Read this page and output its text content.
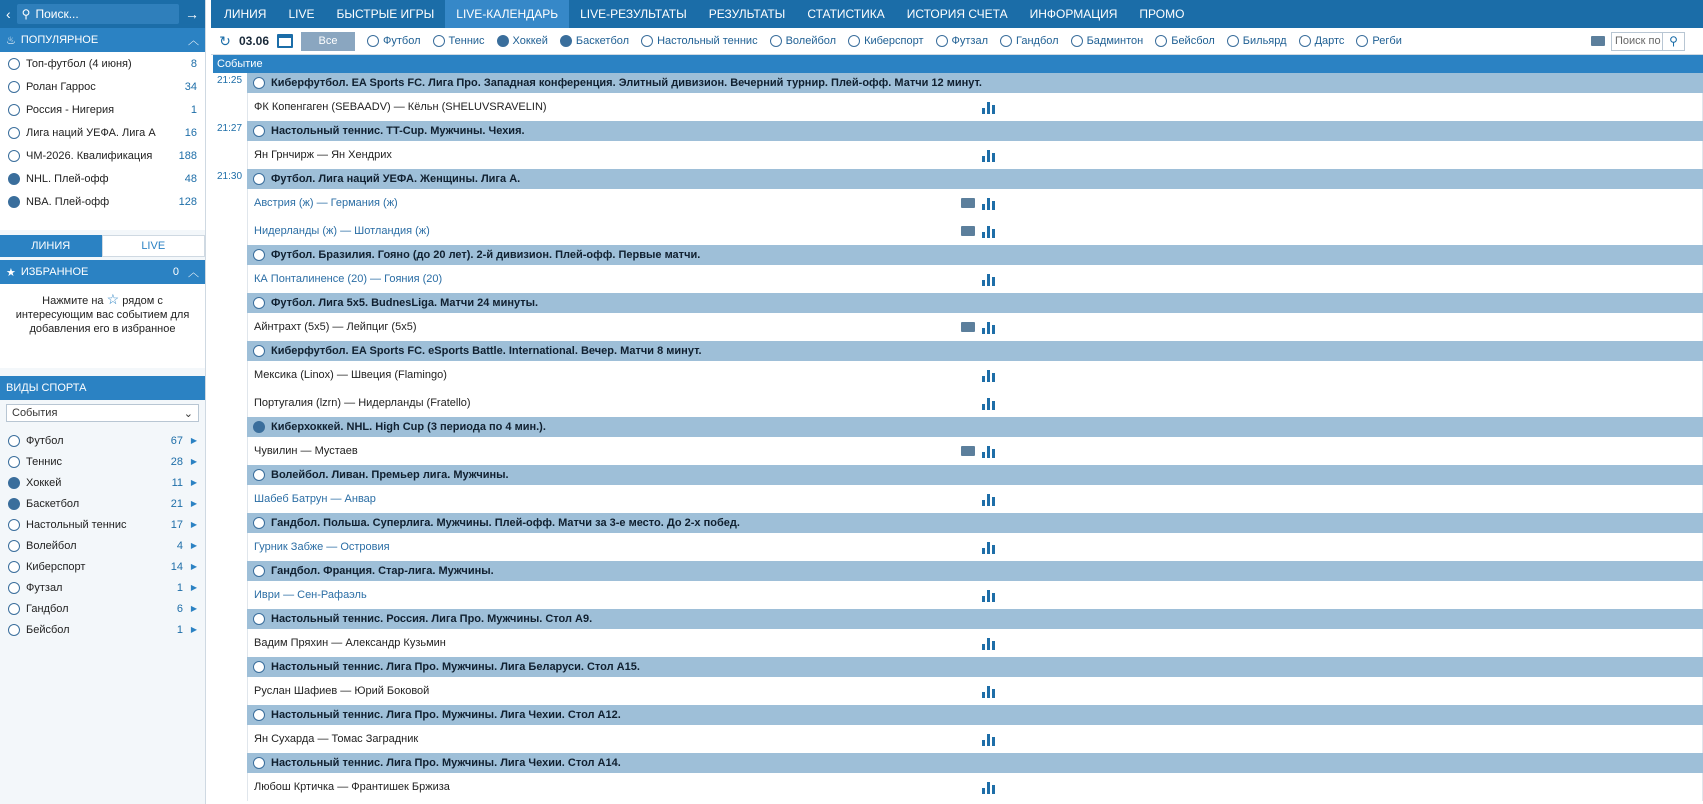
‹ ⚲ Поиск...	→
♨ ПОПУЛЯРНОЕ	︿
Топ-футбол (4 июня)	8
Ролан Гаррос	34
Россия - Нигерия	1
Лига наций УЕФА. Лига А	16
ЧМ-2026. Квалификация	188
NHL. Плей-офф	48
NBA. Плей-офф	128
ЛИНИЯ	LIVE
★ ИЗБРАННОЕ	0 ︿
Нажмите на ☆ рядом с интересующим вас событием для добавления его в избранное
ВИДЫ СПОРТА
События	⌄
Футбол	67 ▶
Теннис	28 ▶
Хоккей	11 ▶
Баскетбол	21 ▶
Настольный теннис	17 ▶
Волейбол	4 ▶
Киберспорт	14 ▶
Футзал	1 ▶
Гандбол	6 ▶
Бейсбол	1 ▶
ЛИНИЯ	LIVE	БЫСТРЫЕ ИГРЫ	LIVE-КАЛЕНДАРЬ	LIVE-РЕЗУЛЬТАТЫ	РЕЗУЛЬТАТЫ	СТАТИСТИКА	ИСТОРИЯ СЧЕТА	ИНФОРМАЦИЯ	ПРОМО
↻ 03.06	Все	Футбол	Теннис	Хоккей	Баскетбол	Настольный теннис	Волейбол	Киберспорт	Футзал	Гандбол	Бадминтон	Бейсбол	Бильярд	Дартс	Регби	Поиск по ⚲
Событие
21:25	Киберфутбол. EA Sports FC. Лига Про. Западная конференция. Элитный дивизион. Вечерний турнир. Плей-офф. Матчи 12 минут.
ФК Копенгаген (SEBAADV) — Кёльн (SHELUVSRAVELIN)
21:27	Настольный теннис. TT-Cup. Мужчины. Чехия.
Ян Грнчирж — Ян Хендрих
21:30	Футбол. Лига наций УЕФА. Женщины. Лига А.
Австрия (ж) — Германия (ж)
Нидерланды (ж) — Шотландия (ж)
Футбол. Бразилия. Гояно (до 20 лет). 2-й дивизион. Плей-офф. Первые матчи.
КА Понталиненсе (20) — Гояния (20)
Футбол. Лига 5x5. BudnesLiga. Матчи 24 минуты.
Айнтрахт (5x5) — Лейпциг (5x5)
Киберфутбол. EA Sports FC. eSports Battle. International. Вечер. Матчи 8 минут.
Мексика (Linox) — Швеция (Flamingo)
Португалия (lzrn) — Нидерланды (Fratello)
Киберхоккей. NHL. High Cup (3 периода по 4 мин.).
Чувилин — Мустаев
Волейбол. Ливан. Премьер лига. Мужчины.
Шабеб Батрун — Анвар
Гандбол. Польша. Суперлига. Мужчины. Плей-офф. Матчи за 3-е место. До 2-х побед.
Гурник Забже — Островия
Гандбол. Франция. Стар-лига. Мужчины.
Иври — Сен-Рафаэль
Настольный теннис. Россия. Лига Про. Мужчины. Стол А9.
Вадим Пряхин — Александр Кузьмин
Настольный теннис. Лига Про. Мужчины. Лига Беларуси. Стол А15.
Руслан Шафиев — Юрий Боковой
Настольный теннис. Лига Про. Мужчины. Лига Чехии. Стол А12.
Ян Сухарда — Томас Заградник
Настольный теннис. Лига Про. Мужчины. Лига Чехии. Стол А14.
Любош Кртичка — Франтишек Бржиза
